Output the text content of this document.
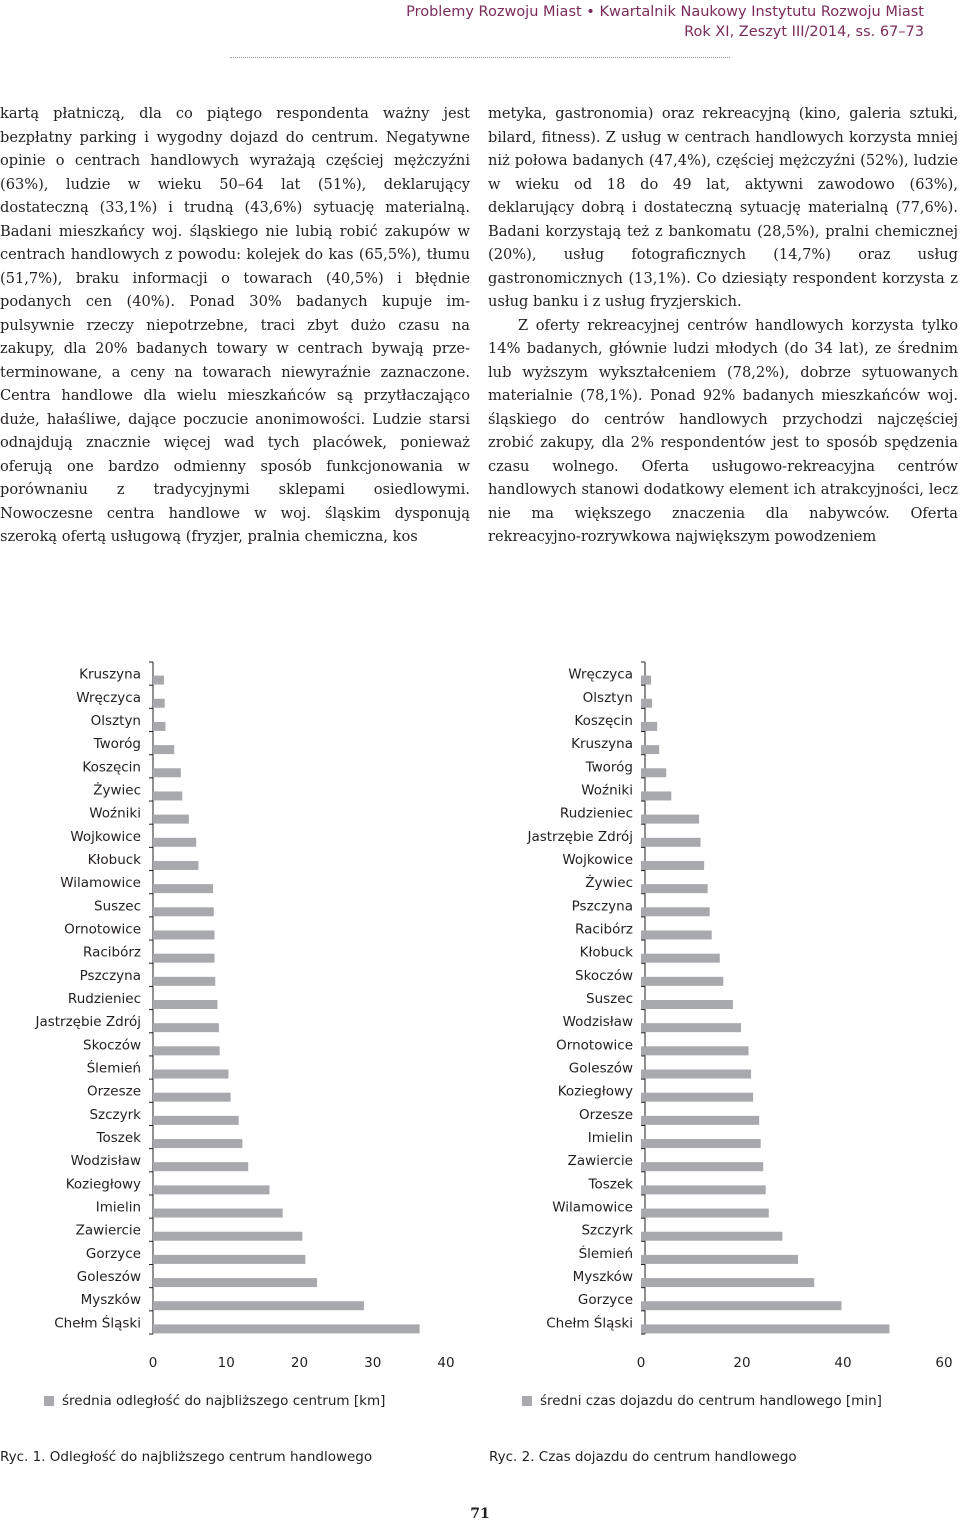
Problemy Rozwoju Miast • Kwartalnik Naukowy Instytutu Rozwoju Miast
Rok XI, Zeszyt III/2014, ss. 67–73

kartą płatniczą, dla co piątego respondenta ważny jest bezpłatny parking i wygodny dojazd do centrum. Negatywne opinie o centrach handlowych wyrażają częściej mężczyźni (63%), ludzie w wieku 50–64 lat (51%), deklarujący dostateczną (33,1%) i trudną (43,6%) sytuację materialną. Badani mieszkańcy woj. śląskiego nie lubią robić zakupów w centrach handlowych z powodu: kolejek do kas (65,5%), tłumu (51,7%), braku informacji o towarach (40,5%) i błędnie podanych cen (40%). Ponad 30% badanych kupuje impulsywnie rzeczy niepotrzebne, traci zbyt dużo czasu na zakupy, dla 20% badanych towary w centrach bywają przeterminowane, a ceny na towarach niewyraźnie zaznaczone. Centra handlowe dla wielu mieszkańców są przytłaczająco duże, hałaśliwe, dające poczucie anonimowości. Ludzie starsi odnajdują znacznie więcej wad tych placówek, ponieważ oferują one bardzo odmienny sposób funkcjonowania w porównaniu z tradycyjnymi sklepami osiedlowymi. Nowoczesne centra handlowe w woj. śląskim dysponują szeroką ofertą usługową (fryzjer, pralnia chemiczna, kos

metyka, gastronomia) oraz rekreacyjną (kino, galeria sztuki, bilard, fitness). Z usług w centrach handlowych korzysta mniej niż połowa badanych (47,4%), częściej mężczyźni (52%), ludzie w wieku od 18 do 49 lat, aktywni zawodowo (63%), deklarujący dobrą i dostateczną sytuację materialną (77,6%). Badani korzystają też z bankomatu (28,5%), pralni chemicznej (20%), usług fotograficznych (14,7%) oraz usług gastronomicznych (13,1%). Co dziesiąty respondent korzysta z usług banku i z usług fryzjerskich.

Z oferty rekreacyjnej centrów handlowych korzysta tylko 14% badanych, głównie ludzi młodych (do 34 lat), ze średnim lub wyższym wykształceniem (78,2%), dobrze sytuowanych materialnie (78,1%). Ponad 92% badanych mieszkańców woj. śląskiego do centrów handlowych przychodzi najczęściej zrobić zakupy, dla 2% respondentów jest to sposób spędzenia czasu wolnego. Oferta usługowo-rekreacyjna centrów handlowych stanowi dodatkowy element ich atrakcyjności, lecz nie ma większego znaczenia dla nabywców. Oferta rekreacyjno-rozrywkowa największym powodzeniem

Kruszyna
Wręczyca
Olsztyn
Tworóg
Koszęcin
Żywiec
Woźniki
Wojkowice
Kłobuck
Wilamowice
Suszec
Ornotowice
Racibórz
Pszczyna
Rudzieniec
Jastrzębie Zdrój
Skoczów
Ślemień
Orzesze
Szczyrk
Toszek
Wodzisław
Koziegłowy
Imielin
Zawiercie
Gorzyce
Goleszów
Myszków
Chełm Śląski
0	10	20	30	40
Wręczyca
Olsztyn
Koszęcin
Kruszyna
Tworóg
Woźniki
Rudzieniec
Jastrzębie Zdrój
Wojkowice
Żywiec
Pszczyna
Racibórz
Kłobuck
Skoczów
Suszec
Wodzisław
Ornotowice
Goleszów
Koziegłowy
Orzesze
Imielin
Zawiercie
Toszek
Wilamowice
Szczyrk
Ślemień
Myszków
Gorzyce
Chełm Śląski
0	20	40	60
średnia odległość do najbliższego centrum [km]	średni czas dojazdu do centrum handlowego [min]
Ryc. 1. Odległość do najbliższego centrum handlowego	Ryc. 2. Czas dojazdu do centrum handlowego
71
